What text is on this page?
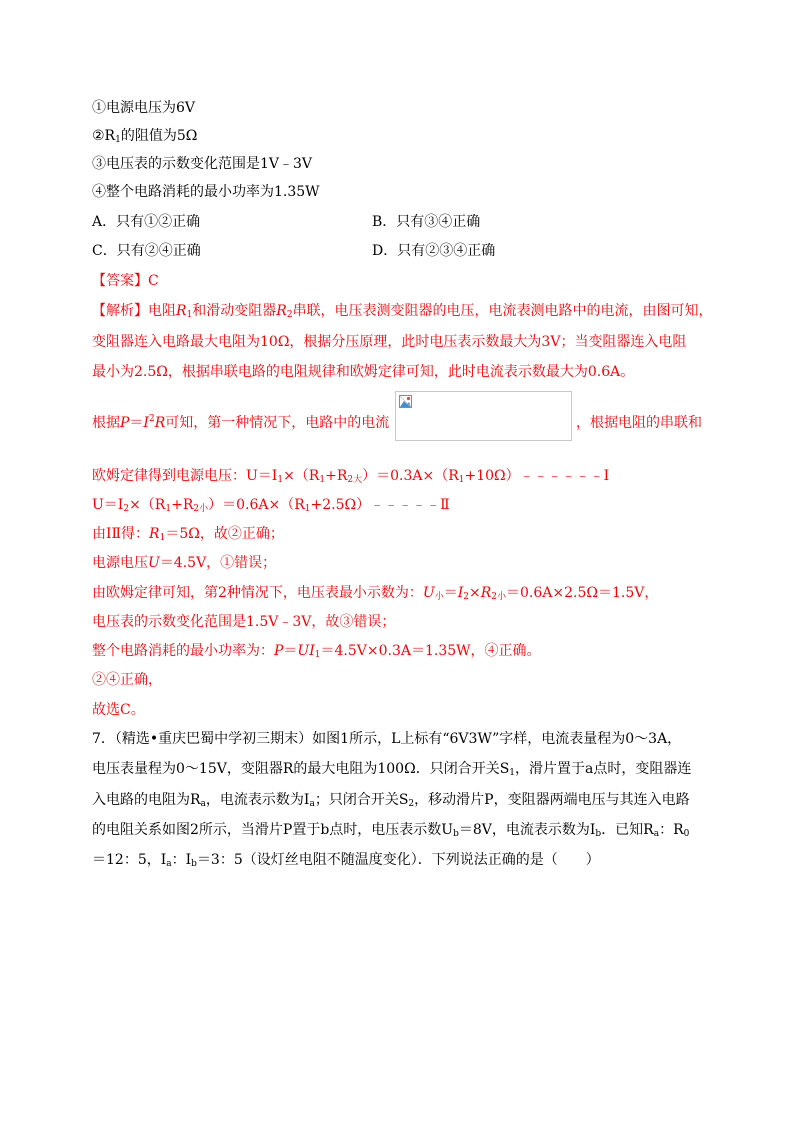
①电源电压为6V
$②R_1$的阻值为5Ω
③电压表的示数变化范围是1V﹣3V
④整个电路消耗的最小功率为1.35W
A．只有①②正确	B．只有③④正确
C．只有②④正确	D．只有②③④正确
【答案】C
【解析】电阻$R_1$和滑动变阻器$R_2$串联，电压表测变阻器的电压，电流表测电路中的电流，由图可知，
变阻器连入电路最大电阻为10Ω，根据分压原理，此时电压表示数最大为3V；当变阻器连入电阻
最小为2.5Ω，根据串联电路的电阻规律和欧姆定律可知，此时电流表示数最大为0.6A。
根据$P=I^2R$可知，第一种情况下，电路中的电流	，根据电阻的串联和
欧姆定律得到电源电压：$U=I_1\times(R_1+R_{2大})=0.3A\times(R_1+10\Omega)﹣﹣﹣﹣﹣﹣Ⅰ$
$U=I_2\times(R_1+R_{2小})=0.6A\times(R_1+2.5\Omega)﹣﹣﹣﹣﹣Ⅱ$
由ⅠⅡ得：$R_1=5\Omega$，故②正确；
电源电压U＝4.5V，①错误；
由欧姆定律可知，第2种情况下，电压表最小示数为：$U_小=I_2\times R_{2小}=0.6A\times 2.5\Omega=1.5V$，
电压表的示数变化范围是1.5V﹣3V，故③错误；
整个电路消耗的最小功率为：$P=UI_1=4.5V\times 0.3A=1.35W$，④正确。
②④正确，
故选C。
7．（精选•重庆巴蜀中学初三期末）如图1所示，L上标有“6V3W”字样，电流表量程为0～3A，
电压表量程为0～15V，变阻器R的最大电阻为100Ω．只闭合开关$S_1$，滑片置于a点时，变阻器连
入电路的电阻为$R_a$，电流表示数为$I_a$；只闭合开关$S_2$，移动滑片P，变阻器两端电压与其连入电路
的电阻关系如图2所示，当滑片P置于b点时，电压表示数$U_b=8V$，电流表示数为$I_b$．已知$R_a$：$R_0$
＝12：5，$I_a$：$I_b=3$：5（设灯丝电阻不随温度变化）．下列说法正确的是（　　）
